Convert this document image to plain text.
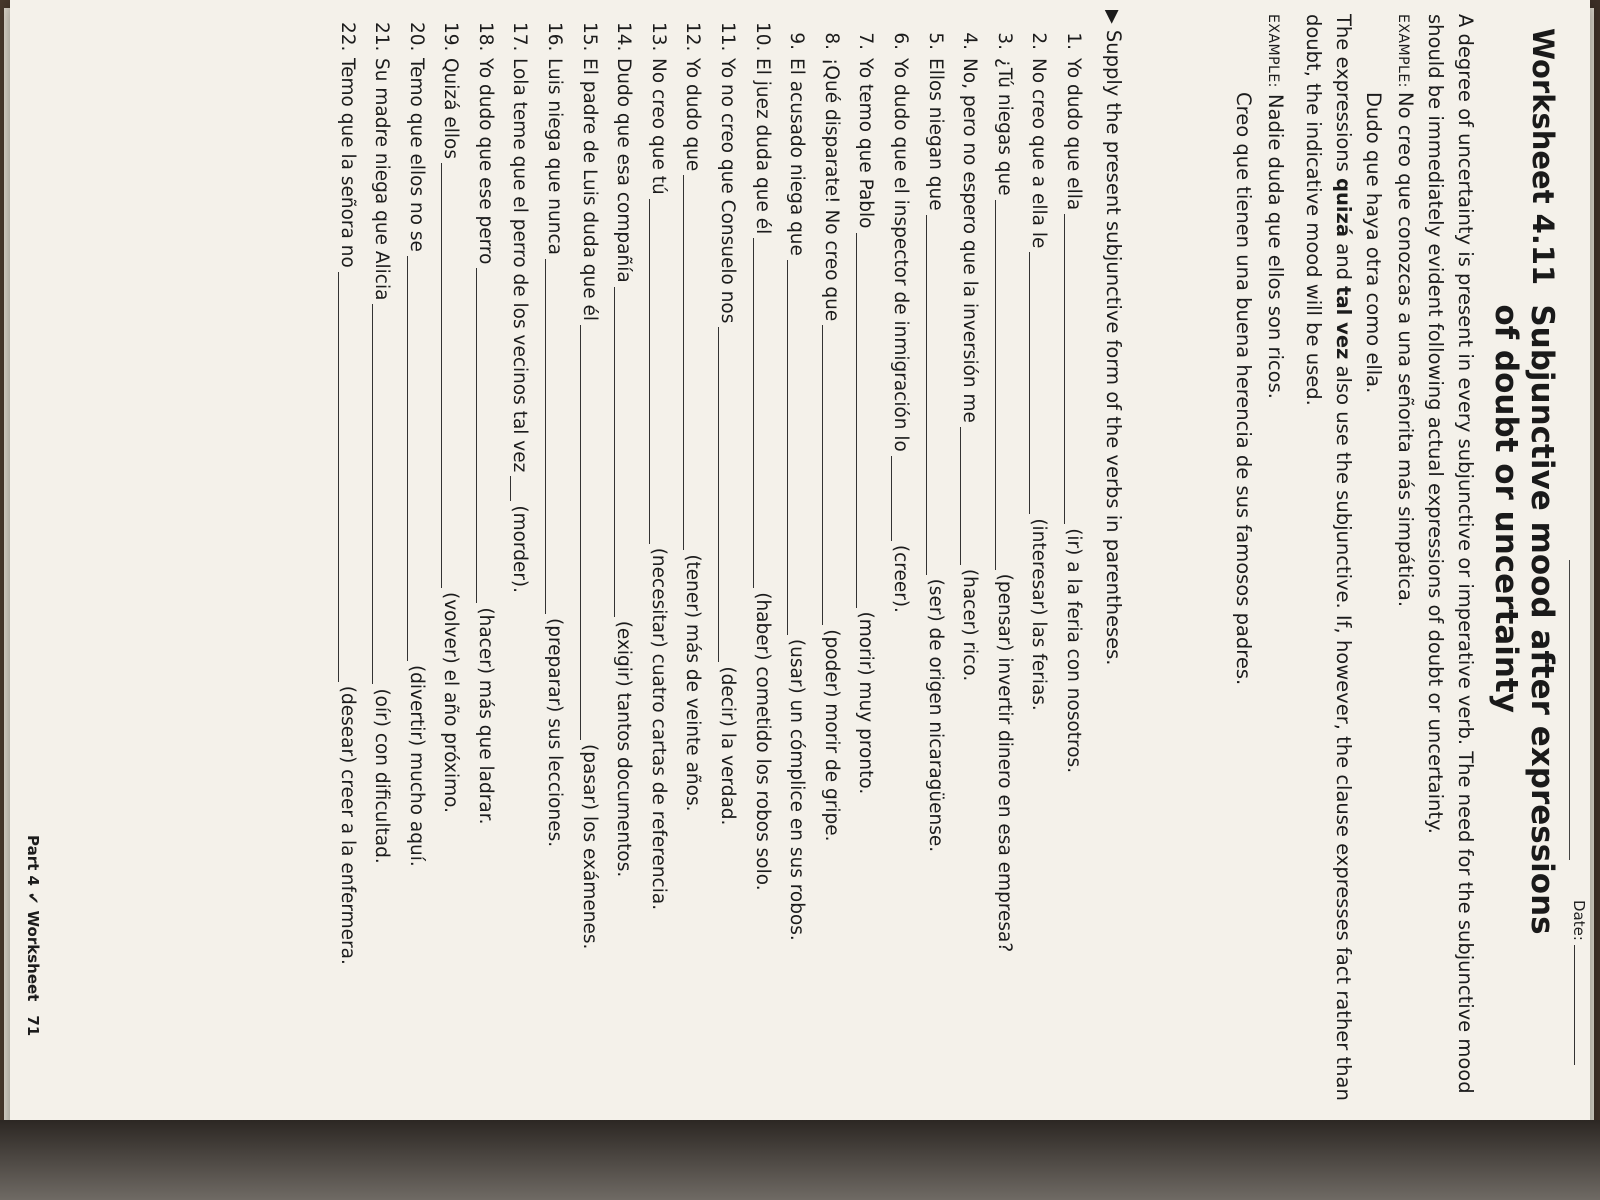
Date:
Worksheet 4.11 Subjunctive mood after expressions of doubt or uncertainty

A degree of uncertainty is present in every subjunctive or imperative verb. The need for the subjunctive mood should be immediately evident following actual expressions of doubt or uncertainty.

EXAMPLE:No creo que conozcas a una señorita más simpática.
Dudo que haya otra como ella.

The expressions quizá and tal vez also use the subjunctive. If, however, the clause expresses fact rather than doubt, the indicative mood will be used.

EXAMPLE:Nadie duda que ellos son ricos.
Creo que tienen una buena herencia de sus famosos padres.
▶Supply the present subjunctive form of the verbs in parentheses.
1.Yo dudo que ella(ir) a la feria con nosotros.
2.No creo que a ella le(interesar) las ferias.
3.¿Tú niegas que(pensar) invertir dinero en esa empresa?
4.No, pero no espero que la inversión me(hacer) rico.
5.Ellos niegan que(ser) de origen nicaragüense.
6.Yo dudo que el inspector de inmigración lo(creer).
7.Yo temo que Pablo(morir) muy pronto.
8.¡Qué disparate! No creo que(poder) morir de gripe.
9.El acusado niega que(usar) un cómplice en sus robos.
10.El juez duda que él(haber) cometido los robos solo.
11.Yo no creo que Consuelo nos(decir) la verdad.
12.Yo dudo que(tener) más de veinte años.
13.No creo que tú(necesitar) cuatro cartas de referencia.
14.Dudo que esa compañía(exigir) tantos documentos.
15.El padre de Luis duda que él(pasar) los exámenes.
16.Luis niega que nunca(preparar) sus lecciones.
17.Lola teme que el perro de los vecinos tal vez(morder).
18.Yo dudo que ese perro(hacer) más que ladrar.
19.Quizá ellos(volver) el año próximo.
20.Temo que ellos no se(divertir) mucho aquí.
21.Su madre niega que Alicia(oír) con dificultad.
22.Temo que la señora no(desear) creer a la enfermera.
Part 4✔Worksheet71
